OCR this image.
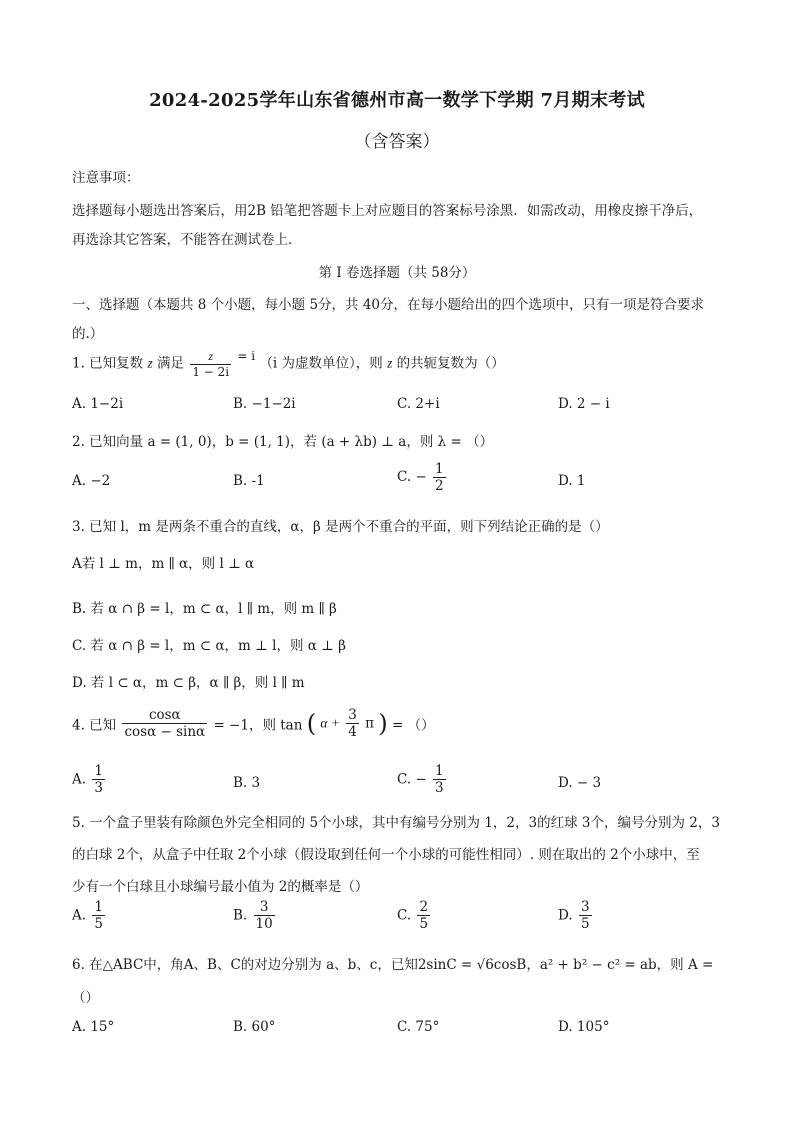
2024-2025学年山东省德州市高一数学下学期 7月期末考试
（含答案）
注意事项：
选择题每小题选出答案后，用2B 铅笔把答题卡上对应题目的答案标号涂黑．如需改动，用橡皮擦干净后，
再选涂其它答案，不能答在测试卷上．
第 I 卷选择题（共 58分）
一、选择题（本题共 8 个小题，每小题 5分，共 40分，在每小题给出的四个选项中，只有一项是符合要求
的.）
1. 已知复数 z 满足 $\frac{z}{1 - 2i} = i$ （i 为虚数单位），则 z 的共轭复数为（）
A. 1−2i	B. −1−2i	C. 2+i	D. 2 − i
2. 已知向量 a = (1, 0)，b = (1, 1)，若 (a + λb) ⊥ a，则 λ = （）
A. −2	B. -1	C. − $\frac{1}{2}$	D. 1
3. 已知 l，m 是两条不重合的直线，α，β 是两个不重合的平面，则下列结论正确的是（）
A若 l ⊥ m，m ∥ α，则 l ⊥ α
B. 若 α ∩ β = l，m ⊂ α，l ∥ m，则 m ∥ β
C. 若 α ∩ β = l，m ⊂ α，m ⊥ l，则 α ⊥ β
D. 若 l ⊂ α，m ⊂ β，α ∥ β，则 l ∥ m
4. 已知 $\frac{\cos\alpha}{\cos\alpha - \sin\alpha} = -1$，则 tan ( $\alpha + \frac{3}{4}$ π ) = （）
A. $\frac{1}{3}$	B. 3	C. − $\frac{1}{3}$	D. − 3
5. 一个盒子里装有除颜色外完全相同的 5个小球，其中有编号分别为 1，2，3的红球 3个，编号分别为 2，3
的白球 2个，从盒子中任取 2个小球（假设取到任何一个小球的可能性相同）. 则在取出的 2个小球中，至
少有一个白球且小球编号最小值为 2的概率是（）
A. $\frac{1}{5}$	B. $\frac{3}{10}$	C. $\frac{2}{5}$	D. $\frac{3}{5}$
6. 在△ABC中，角A、B、C的对边分别为 a、b、c，已知2sinC = √6cosB，a² + b² − c² = ab，则 A =
（）
A. 15°	B. 60°	C. 75°	D. 105°
